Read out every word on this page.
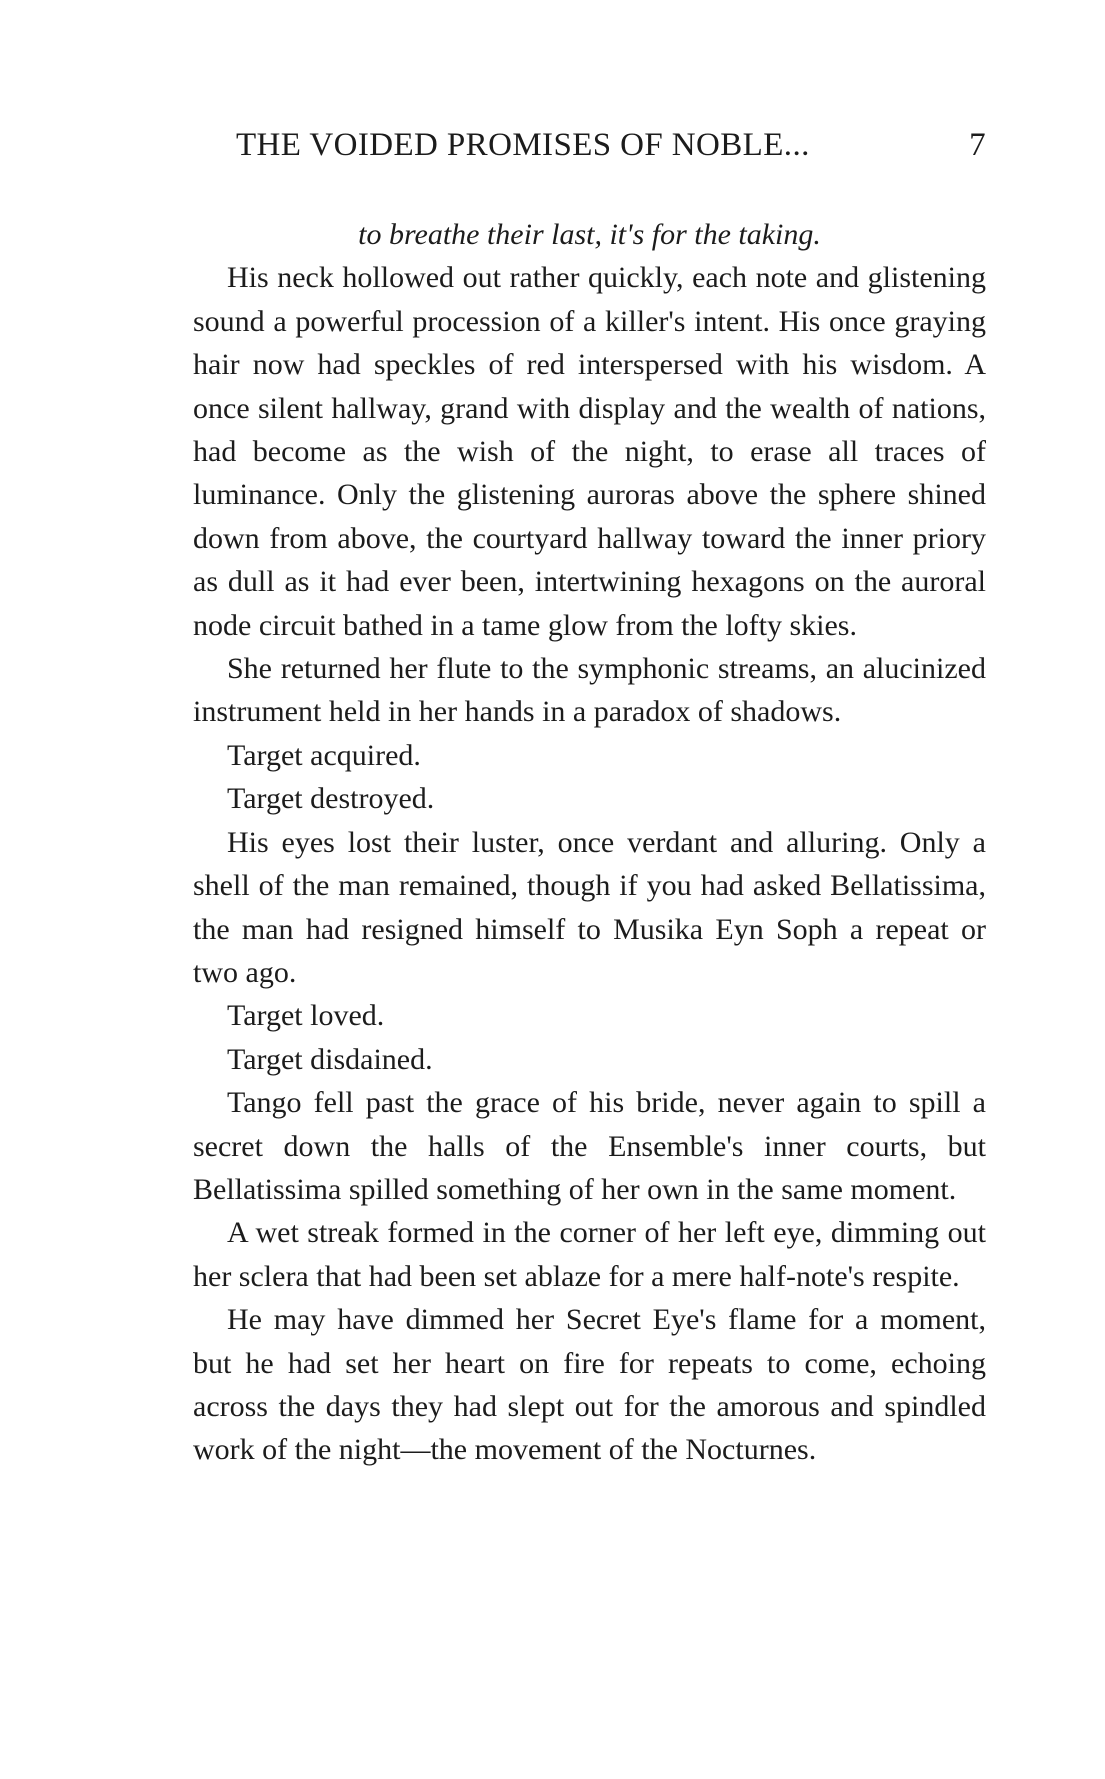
THE VOIDED PROMISES OF NOBLE...	7

to breathe their last, it's for the taking.

His neck hollowed out rather quickly, each note and glistening sound a powerful procession of a killer's intent. His once graying hair now had speckles of red interspersed with his wisdom. A once silent hallway, grand with display and the wealth of nations, had become as the wish of the night, to erase all traces of luminance. Only the glistening auroras above the sphere shined down from above, the courtyard hallway toward the inner priory as dull as it had ever been, intertwining hexagons on the auroral node circuit bathed in a tame glow from the lofty skies.

She returned her flute to the symphonic streams, an alucinized instrument held in her hands in a paradox of shadows.

Target acquired.

Target destroyed.

His eyes lost their luster, once verdant and alluring. Only a shell of the man remained, though if you had asked Bellatissima, the man had resigned himself to Musika Eyn Soph a repeat or two ago.

Target loved.

Target disdained.

Tango fell past the grace of his bride, never again to spill a secret down the halls of the Ensemble's inner courts, but Bellatissima spilled something of her own in the same moment.

A wet streak formed in the corner of her left eye, dimming out her sclera that had been set ablaze for a mere half-note's respite.

He may have dimmed her Secret Eye's flame for a moment, but he had set her heart on fire for repeats to come, echoing across the days they had slept out for the amorous and spindled work of the night—the movement of the Nocturnes.
